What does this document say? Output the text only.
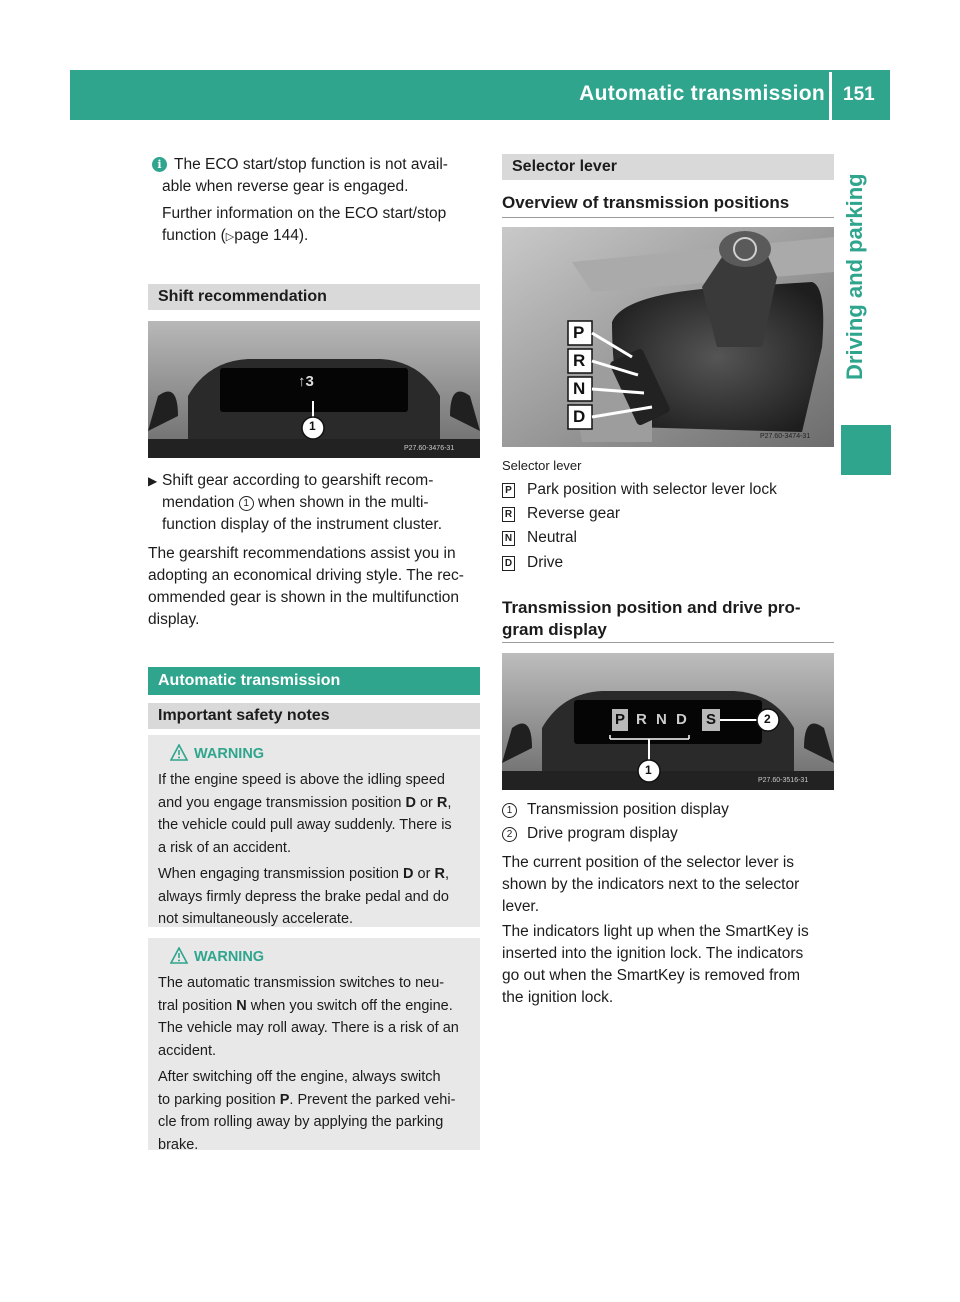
Automatic transmission 151
Driving and parking
The ECO start/stop function is not avail-
able when reverse gear is engaged.
Further information on the ECO start/stop
function (▷page 144).
Shift recommendation
↑3
1
P27.60-3476-31
▶ Shift gear according to gearshift recom-
mendation 1 when shown in the multi-
function display of the instrument cluster.
The gearshift recommendations assist you in
adopting an economical driving style. The rec-
ommended gear is shown in the multifunction
display.
Automatic transmission
Important safety notes
WARNING

If the engine speed is above the idling speed
and you engage transmission position D or R,
the vehicle could pull away suddenly. There is
a risk of an accident.

When engaging transmission position D or R,
always firmly depress the brake pedal and do
not simultaneously accelerate.

WARNING

The automatic transmission switches to neu-
tral position N when you switch off the engine.
The vehicle may roll away. There is a risk of an
accident.

After switching off the engine, always switch
to parking position P. Prevent the parked vehi-
cle from rolling away by applying the parking
brake.

Selector lever
Overview of transmission positions
P
R
N
D
P27.60-3474-31
Selector lever
P Park position with selector lever lock
R Reverse gear
N Neutral
D Drive
Transmission position and drive pro-
gram display
P R N D S
1
2
P27.60-3516-31
1 Transmission position display
2 Drive program display
The current position of the selector lever is
shown by the indicators next to the selector
lever.
The indicators light up when the SmartKey is
inserted into the ignition lock. The indicators
go out when the SmartKey is removed from
the ignition lock.
i
